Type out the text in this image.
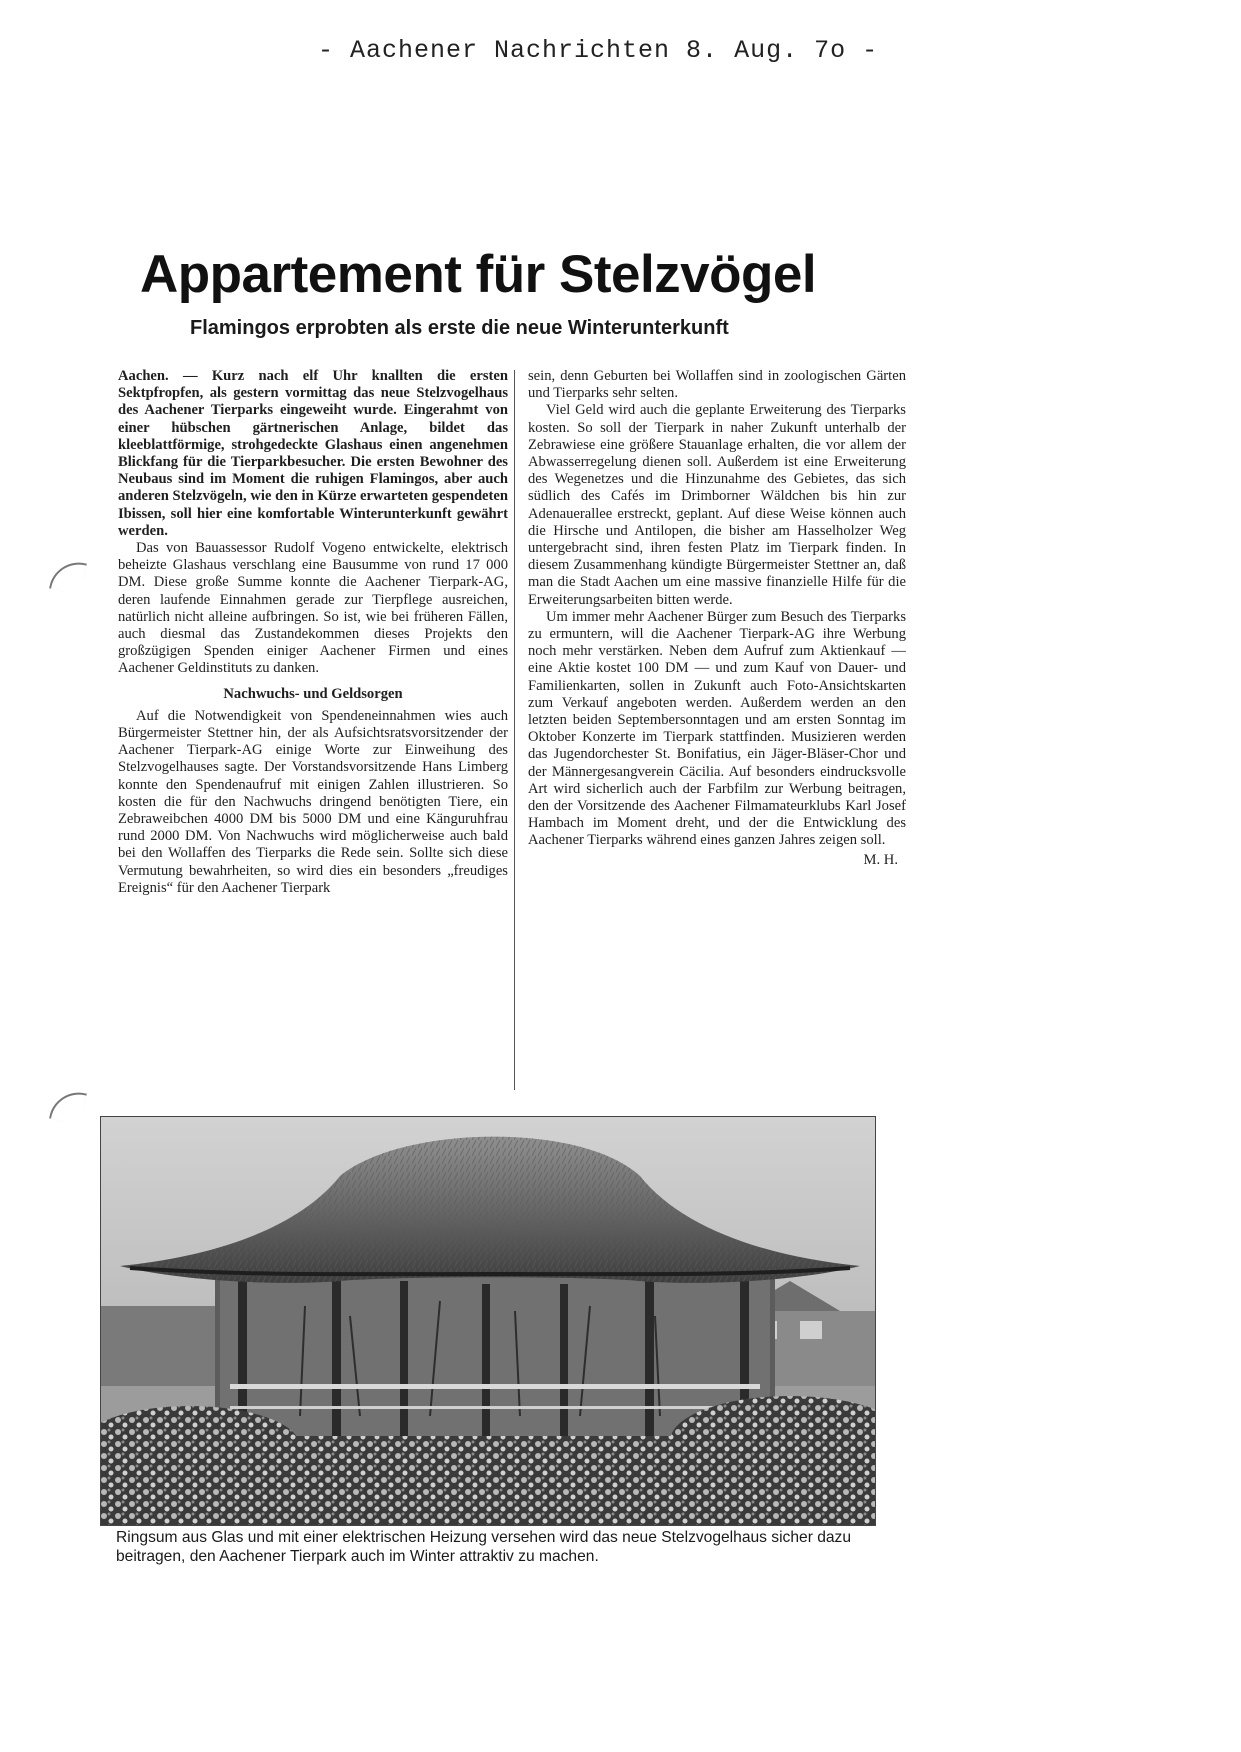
- Aachener Nachrichten 8. Aug. 7o -
Appartement für Stelzvögel
Flamingos erprobten als erste die neue Winterunterkunft

Aachen. — Kurz nach elf Uhr knallten die ersten Sektpfropfen, als gestern vormittag das neue Stelzvogelhaus des Aachener Tierparks eingeweiht wurde. Eingerahmt von einer hübschen gärtnerischen Anlage, bildet das kleeblattförmige, strohgedeckte Glashaus einen angenehmen Blickfang für die Tierparkbesucher. Die ersten Bewohner des Neubaus sind im Moment die ruhigen Flamingos, aber auch anderen Stelzvögeln, wie den in Kürze erwarteten gespendeten Ibissen, soll hier eine komfortable Winterunterkunft gewährt werden.

Das von Bauassessor Rudolf Vogeno entwickelte, elektrisch beheizte Glashaus verschlang eine Bausumme von rund 17 000 DM. Diese große Summe konnte die Aachener Tierpark-AG, deren laufende Einnahmen gerade zur Tierpflege ausreichen, natürlich nicht alleine aufbringen. So ist, wie bei früheren Fällen, auch diesmal das Zustandekommen dieses Projekts den großzügigen Spenden einiger Aachener Firmen und eines Aachener Geldinstituts zu danken.

Nachwuchs- und Geldsorgen

Auf die Notwendigkeit von Spendeneinnahmen wies auch Bürgermeister Stettner hin, der als Aufsichtsratsvorsitzender der Aachener Tierpark-AG einige Worte zur Einweihung des Stelzvogelhauses sagte. Der Vorstandsvorsitzende Hans Limberg konnte den Spendenaufruf mit einigen Zahlen illustrieren. So kosten die für den Nachwuchs dringend benötigten Tiere, ein Zebraweibchen 4000 DM bis 5000 DM und eine Känguruhfrau rund 2000 DM. Von Nachwuchs wird möglicherweise auch bald bei den Wollaffen des Tierparks die Rede sein. Sollte sich diese Vermutung bewahrheiten, so wird dies ein besonders „freudiges Ereignis“ für den Aachener Tierpark

sein, denn Geburten bei Wollaffen sind in zoologischen Gärten und Tierparks sehr selten.

Viel Geld wird auch die geplante Erweiterung des Tierparks kosten. So soll der Tierpark in naher Zukunft unterhalb der Zebrawiese eine größere Stauanlage erhalten, die vor allem der Abwasserregelung dienen soll. Außerdem ist eine Erweiterung des Wegenetzes und die Hinzunahme des Gebietes, das sich südlich des Cafés im Drimborner Wäldchen bis hin zur Adenauerallee erstreckt, geplant. Auf diese Weise können auch die Hirsche und Antilopen, die bisher am Hasselholzer Weg untergebracht sind, ihren festen Platz im Tierpark finden. In diesem Zusammenhang kündigte Bürgermeister Stettner an, daß man die Stadt Aachen um eine massive finanzielle Hilfe für die Erweiterungsarbeiten bitten werde.

Um immer mehr Aachener Bürger zum Besuch des Tierparks zu ermuntern, will die Aachener Tierpark-AG ihre Werbung noch mehr verstärken. Neben dem Aufruf zum Aktienkauf — eine Aktie kostet 100 DM — und zum Kauf von Dauer- und Familienkarten, sollen in Zukunft auch Foto-Ansichtskarten zum Verkauf angeboten werden. Außerdem werden an den letzten beiden Septembersonntagen und am ersten Sonntag im Oktober Konzerte im Tierpark stattfinden. Musizieren werden das Jugendorchester St. Bonifatius, ein Jäger-Bläser-Chor und der Männergesangverein Cäcilia. Auf besonders eindrucksvolle Art wird sicherlich auch der Farbfilm zur Werbung beitragen, den der Vorsitzende des Aachener Filmamateurklubs Karl Josef Hambach im Moment dreht, und der die Entwicklung des Aachener Tierparks während eines ganzen Jahres zeigen soll.

M. H.

Ringsum aus Glas und mit einer elektrischen Heizung versehen wird das neue Stelzvogelhaus sicher dazu beitragen, den Aachener Tierpark auch im Winter attraktiv zu machen.
